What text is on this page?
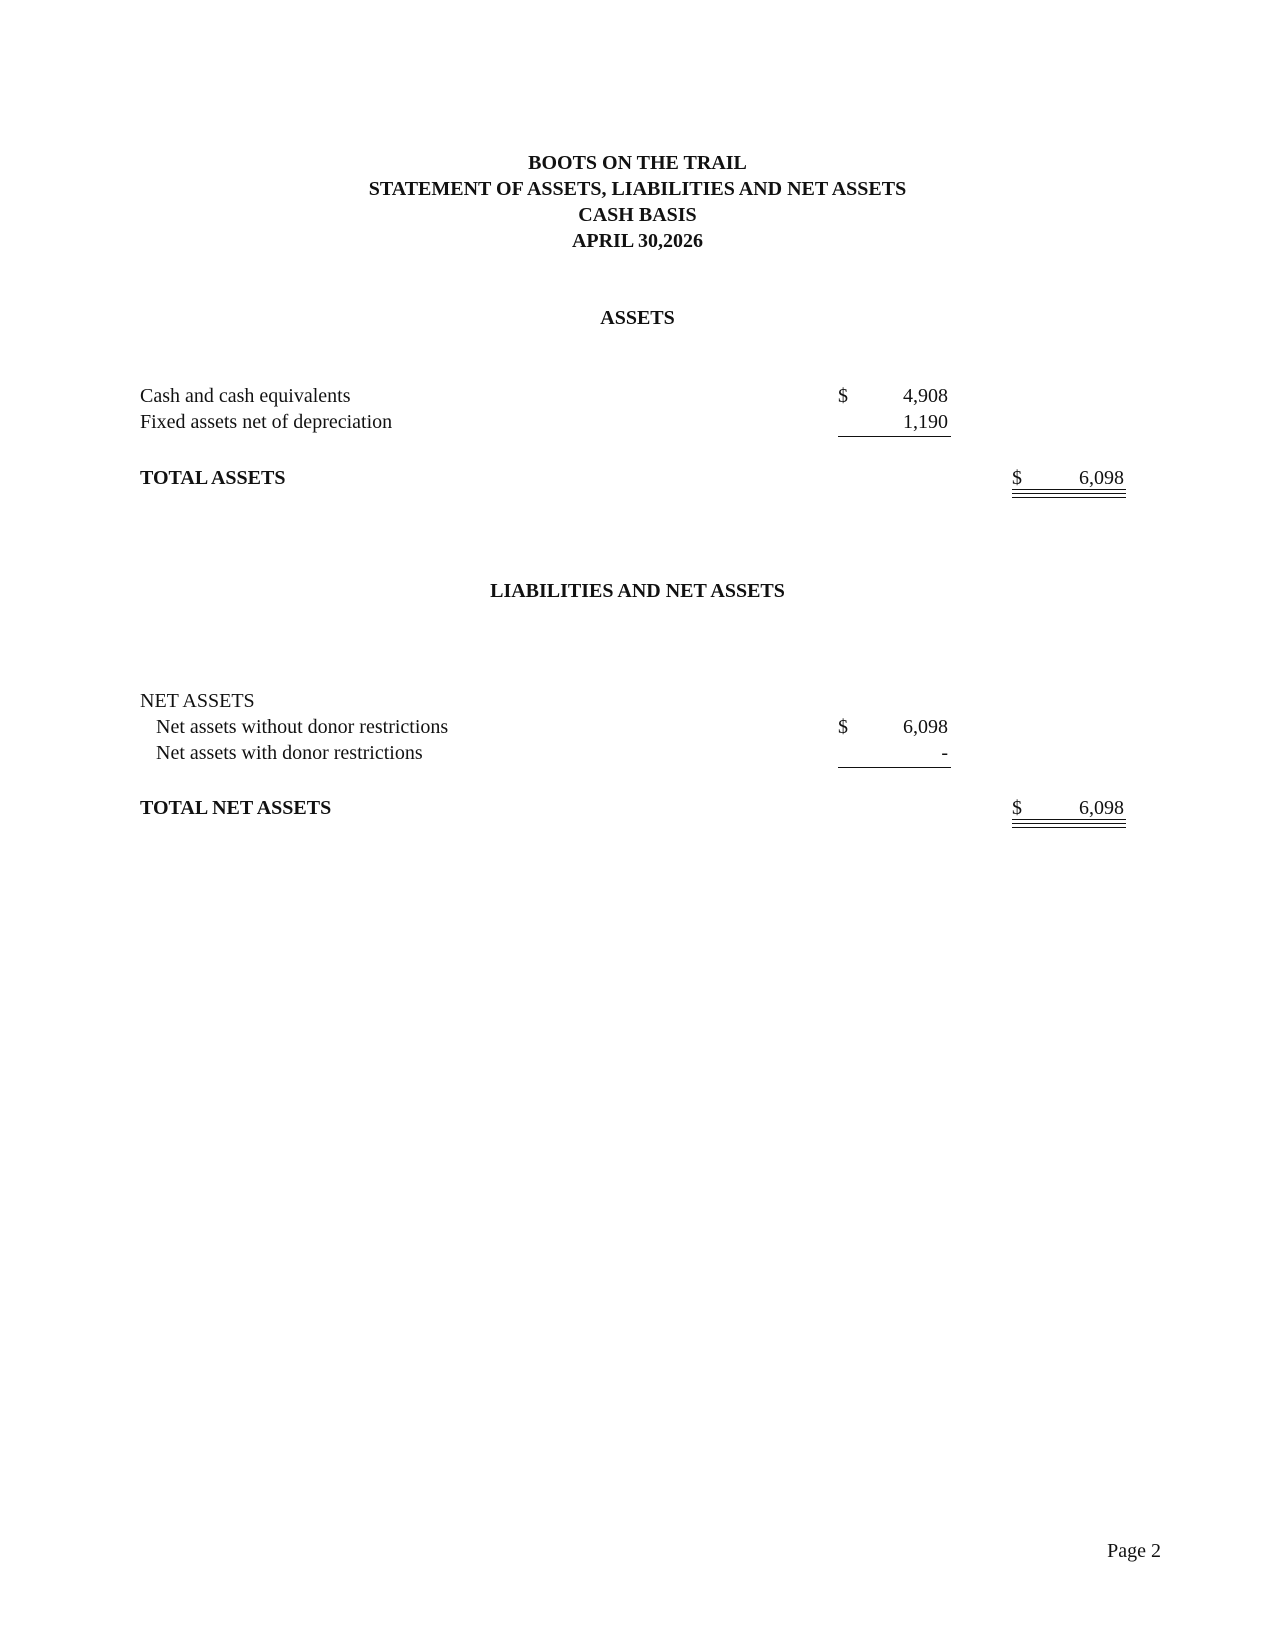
BOOTS ON THE TRAIL
STATEMENT OF ASSETS, LIABILITIES AND NET ASSETS
CASH BASIS
APRIL 30,2026
ASSETS
Cash and cash equivalents	$	4,908
Fixed assets net of depreciation	1,190
TOTAL ASSETS	$	6,098
LIABILITIES AND NET ASSETS
NET ASSETS
Net assets without donor restrictions	$	6,098
Net assets with donor restrictions	-
TOTAL NET ASSETS	$	6,098
Page 2
